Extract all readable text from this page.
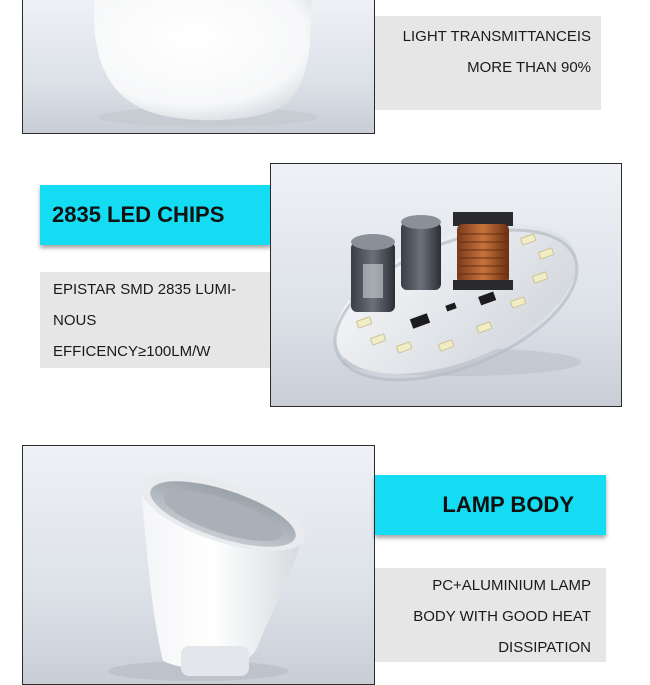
LIGHT TRANSMITTANCEIS
MORE THAN 90%
2835 LED CHIPS
EPISTAR SMD 2835 LUMI-
NOUS
EFFICENCY≥100LM/W
LAMP BODY
PC+ALUMINIUM LAMP
BODY WITH GOOD HEAT
DISSIPATION
